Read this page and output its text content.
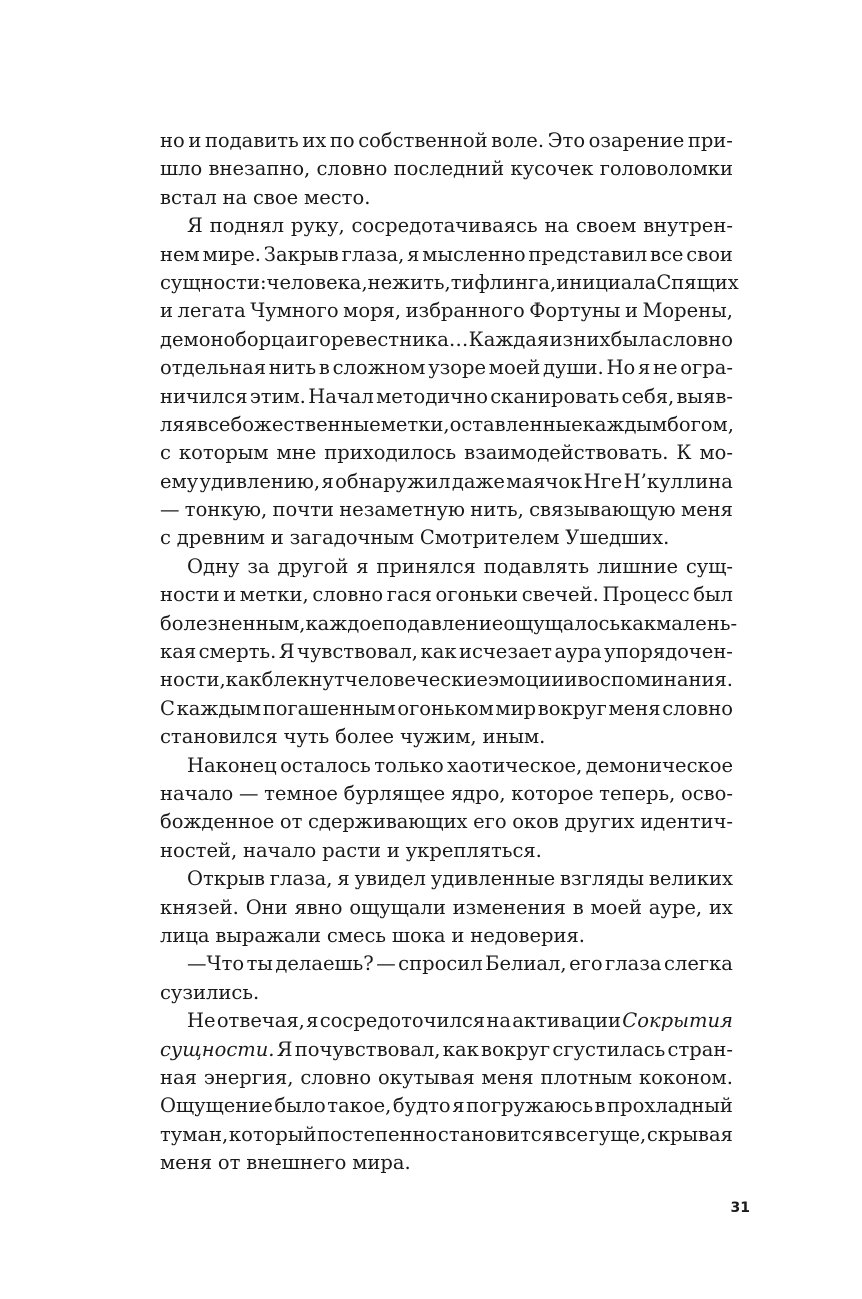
но и подавить их по собственной воле. Это озарение при-
шло внезапно, словно последний кусочек головоломки
встал на свое место.
Я поднял руку, сосредотачиваясь на своем внутрен-
нем мире. Закрыв глаза, я мысленно представил все свои
сущности: человека, нежить, тифлинга, инициала Спящих
и легата Чумного моря, избранного Фортуны и Морены,
демоноборца и горевестника… Каждая из них была словно
отдельная нить в сложном узоре моей души. Но я не огра-
ничился этим. Начал методично сканировать себя, выяв-
ляя все божественные метки, оставленные каждым богом,
с которым мне приходилось взаимодействовать. К мо-
ему удивлению, я обнаружил даже маячок Нге Н’куллина
— тонкую, почти незаметную нить, связывающую меня
с древним и загадочным Смотрителем Ушедших.
Одну за другой я принялся подавлять лишние сущ-
ности и метки, словно гася огоньки свечей. Процесс был
болезненным, каждое подавление ощущалось как малень-
кая смерть. Я чувствовал, как исчезает аура упорядочен-
ности, как блекнут человеческие эмоции и воспоминания.
С каждым погашенным огоньком мир вокруг меня словно
становился чуть более чужим, иным.
Наконец осталось только хаотическое, демоническое
начало — темное бурлящее ядро, которое теперь, осво-
божденное от сдерживающих его оков других идентич-
ностей, начало расти и укрепляться.
Открыв глаза, я увидел удивленные взгляды великих
князей. Они явно ощущали изменения в моей ауре, их
лица выражали смесь шока и недоверия.
—Что ты делаешь? — спросил Белиал, его глаза слегка
сузились.
Не отвечая, я сосредоточился на активации Сокрытия
сущности. Я почувствовал, как вокруг сгустилась стран-
ная энергия, словно окутывая меня плотным коконом.
Ощущение было такое, будто я погружаюсь в прохладный
туман, который постепенно становится все гуще, скрывая
меня от внешнего мира.
31
